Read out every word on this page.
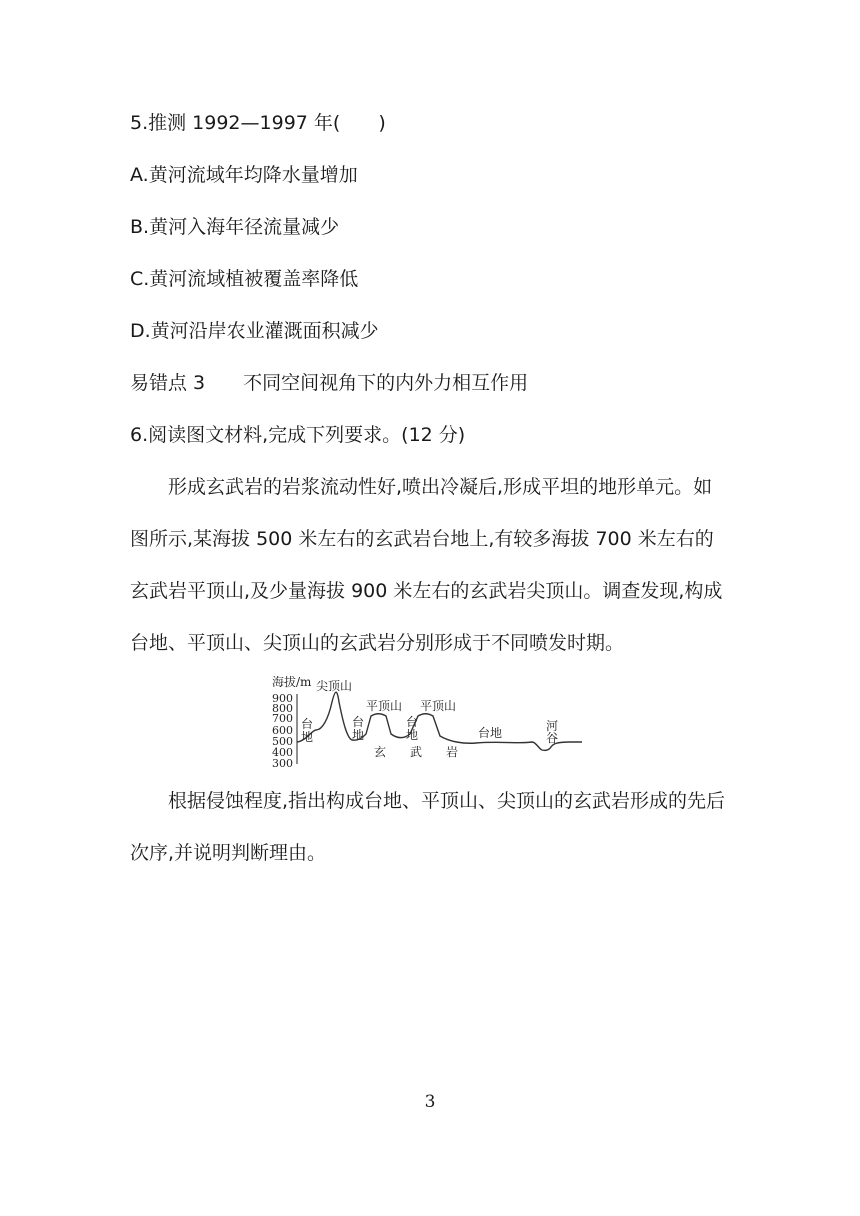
5.推测 1992—1997 年(　　)
A.黄河流域年均降水量增加
B.黄河入海年径流量减少
C.黄河流域植被覆盖率降低
D.黄河沿岸农业灌溉面积减少
易错点 3 不同空间视角下的内外力相互作用
6.阅读图文材料,完成下列要求。(12 分)
形成玄武岩的岩浆流动性好,喷出冷凝后,形成平坦的地形单元。如图所示,某海拔 500 米左右的玄武岩台地上,有较多海拔 700 米左右的玄武岩平顶山,及少量海拔 900 米左右的玄武岩尖顶山。调查发现,构成台地、平顶山、尖顶山的玄武岩分别形成于不同喷发时期。
海拔/m
900
800
700
600
500
400
300
尖顶山
平顶山 平顶山
台
地
台
地
台
地	台地
玄 武 岩
河
谷
根据侵蚀程度,指出构成台地、平顶山、尖顶山的玄武岩形成的先后次序,并说明判断理由。
3
